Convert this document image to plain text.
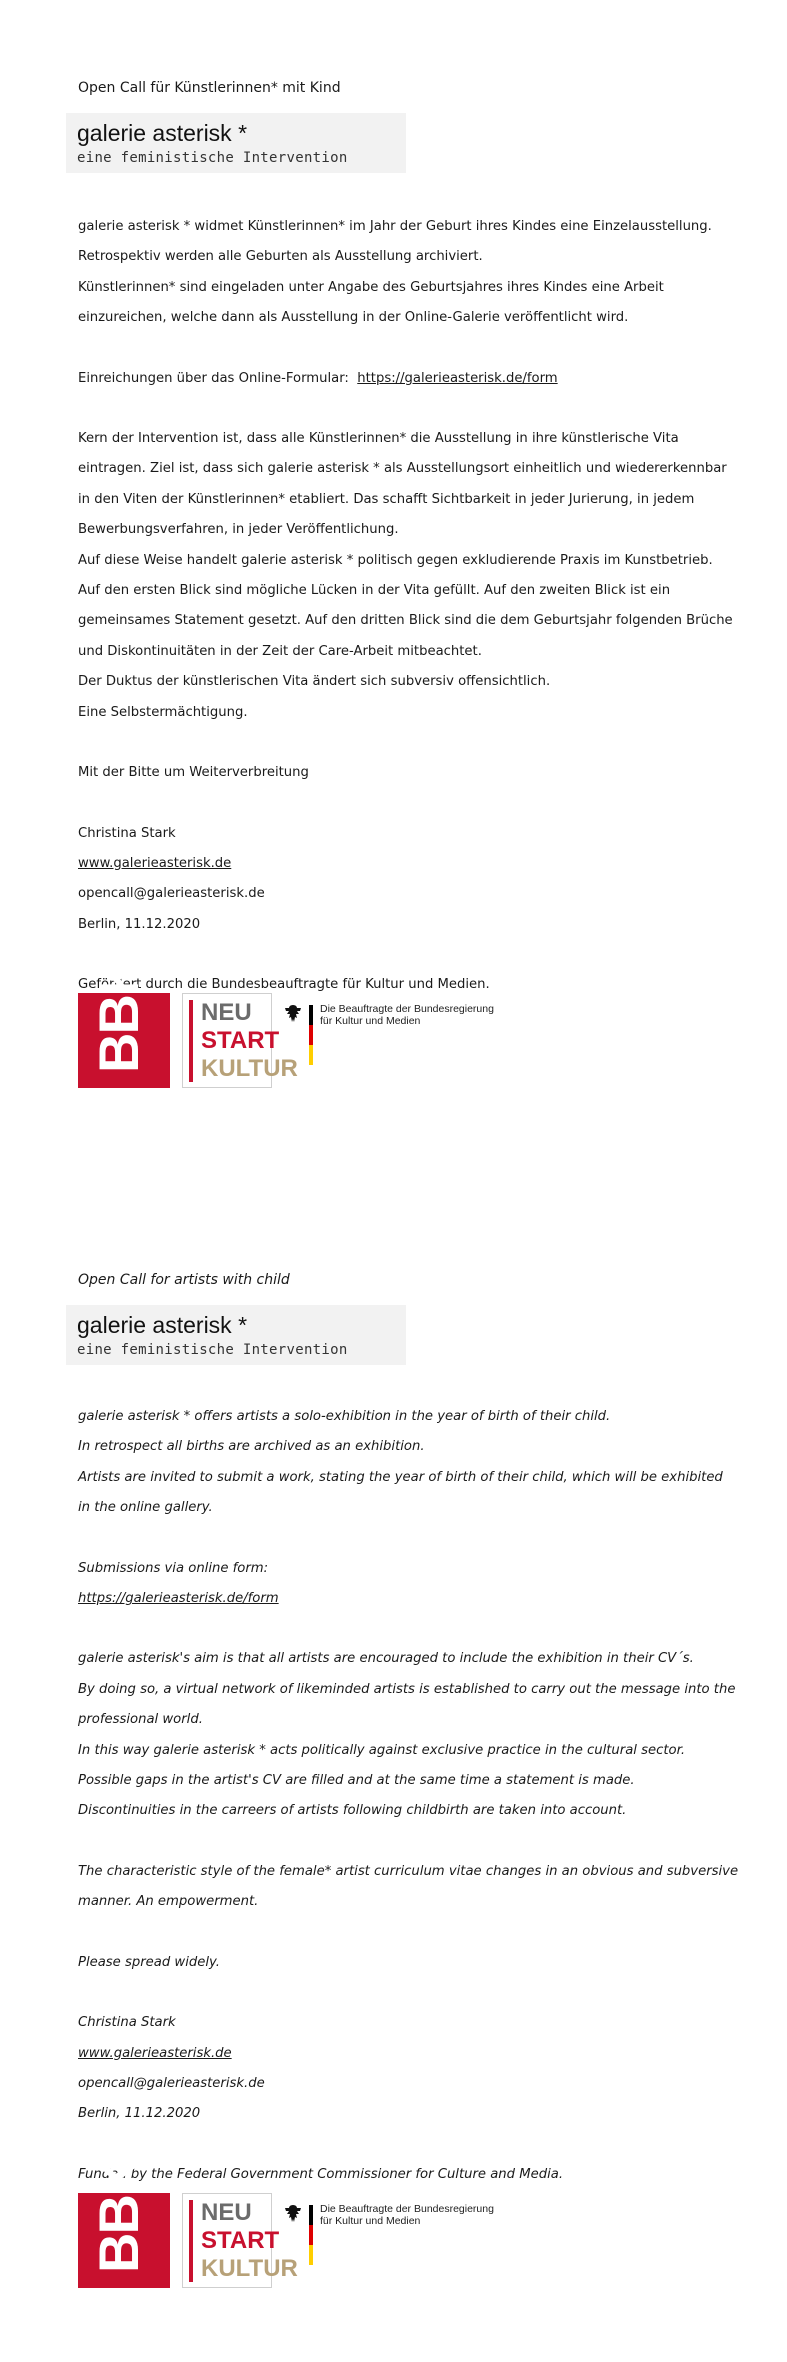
Open Call für Künstlerinnen* mit Kind
galerie asterisk *
eine feministische Intervention

galerie asterisk * widmet Künstlerinnen* im Jahr der Geburt ihres Kindes eine Einzelausstellung.

Retrospektiv werden alle Geburten als Ausstellung archiviert.

Künstlerinnen* sind eingeladen unter Angabe des Geburtsjahres ihres Kindes eine Arbeit

einzureichen, welche dann als Ausstellung in der Online-Galerie veröffentlicht wird.

Einreichungen über das Online-Formular: https://galerieasterisk.de/form

Kern der Intervention ist, dass alle Künstlerinnen* die Ausstellung in ihre künstlerische Vita

eintragen. Ziel ist, dass sich galerie asterisk * als Ausstellungsort einheitlich und wiedererkennbar

in den Viten der Künstlerinnen* etabliert. Das schafft Sichtbarkeit in jeder Jurierung, in jedem

Bewerbungsverfahren, in jeder Veröffentlichung.

Auf diese Weise handelt galerie asterisk * politisch gegen exkludierende Praxis im Kunstbetrieb.

Auf den ersten Blick sind mögliche Lücken in der Vita gefüllt. Auf den zweiten Blick ist ein

gemeinsames Statement gesetzt. Auf den dritten Blick sind die dem Geburtsjahr folgenden Brüche

und Diskontinuitäten in der Zeit der Care-Arbeit mitbeachtet.

Der Duktus der künstlerischen Vita ändert sich subversiv offensichtlich.

Eine Selbstermächtigung.

Mit der Bitte um Weiterverbreitung

Christina Stark

www.galerieasterisk.de

opencall@galerieasterisk.de

Berlin, 11.12.2020

Gefördert durch die Bundesbeauftragte für Kultur und Medien.

BBK NEU
START
KULTUR
Die Beauftragte der Bundesregierung
für Kultur und Medien
Open Call for artists with child
galerie asterisk *
eine feministische Intervention

galerie asterisk * offers artists a solo-exhibition in the year of birth of their child.

In retrospect all births are archived as an exhibition.

Artists are invited to submit a work, stating the year of birth of their child, which will be exhibited

in the online gallery.

Submissions via online form:

https://galerieasterisk.de/form

galerie asterisk's aim is that all artists are encouraged to include the exhibition in their CV´s.

By doing so, a virtual network of likeminded artists is established to carry out the message into the

professional world.

In this way galerie asterisk * acts politically against exclusive practice in the cultural sector.

Possible gaps in the artist's CV are filled and at the same time a statement is made.

Discontinuities in the carreers of artists following childbirth are taken into account.

The characteristic style of the female* artist curriculum vitae changes in an obvious and subversive

manner. An empowerment.

Please spread widely.

Christina Stark

www.galerieasterisk.de

opencall@galerieasterisk.de

Berlin, 11.12.2020

Funded by the Federal Government Commissioner for Culture and Media.

BBK NEU
START
KULTUR
Die Beauftragte der Bundesregierung
für Kultur und Medien
